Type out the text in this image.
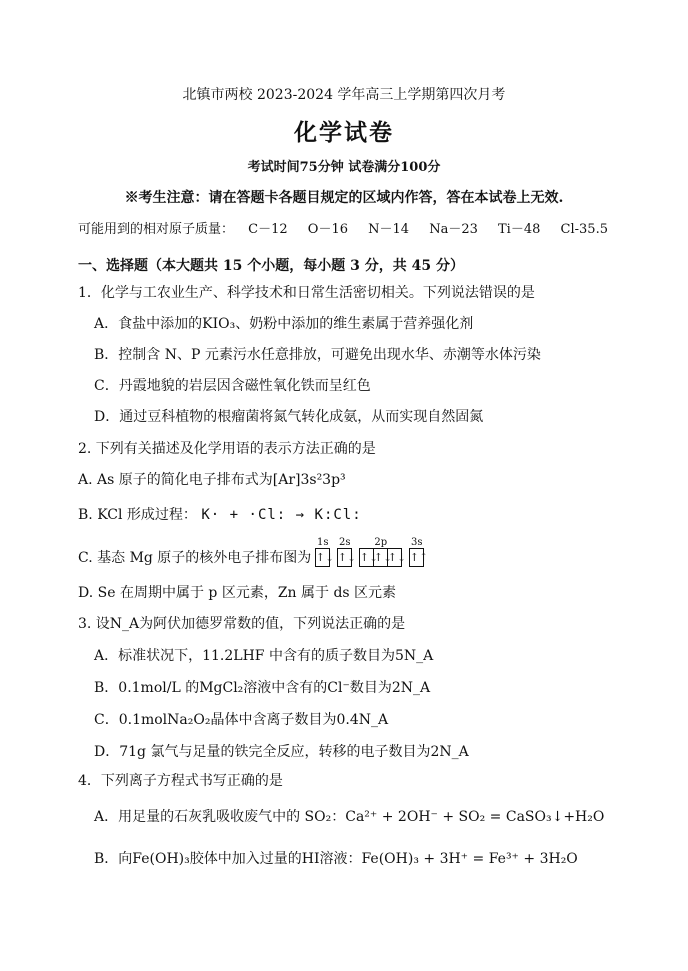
北镇市两校 2023-2024 学年高三上学期第四次月考
化学试卷
考试时间75分钟 试卷满分100分
※考生注意：请在答题卡各题目规定的区域内作答，答在本试卷上无效.
可能用到的相对原子质量： C－12 O－16 N－14 Na－23 Ti－48 Cl-35.5
一、选择题（本大题共 15 个小题，每小题 3 分，共 45 分）
1．化学与工农业生产、科学技术和日常生活密切相关。下列说法错误的是
A．食盐中添加的KIO₃、奶粉中添加的维生素属于营养强化剂
B．控制含 N、P 元素污水任意排放，可避免出现水华、赤潮等水体污染
C．丹霞地貌的岩层因含磁性氧化铁而呈红色
D．通过豆科植物的根瘤菌将氮气转化成氨，从而实现自然固氮
2. 下列有关描述及化学用语的表示方法正确的是
A. As 原子的简化电子排布式为[Ar]3s²3p³
B. KCl 形成过程： K· + ·Cl: → K:Cl:
C. 基态 Mg 原子的核外电子排布图为
1s
↑↓
2s
↑↓
2p
↑↓↑↓↑↓
3s
↑↑
D. Se 在周期中属于 p 区元素，Zn 属于 ds 区元素
3. 设N_A为阿伏加德罗常数的值，下列说法正确的是
A．标准状况下，11.2LHF 中含有的质子数目为5N_A
B．0.1mol/L 的MgCl₂溶液中含有的Cl⁻数目为2N_A
C．0.1molNa₂O₂晶体中含离子数目为0.4N_A
D．71g 氯气与足量的铁完全反应，转移的电子数目为2N_A
4．下列离子方程式书写正确的是
A．用足量的石灰乳吸收废气中的 SO₂：Ca²⁺ + 2OH⁻ + SO₂ = CaSO₃↓+H₂O
B．向Fe(OH)₃胶体中加入过量的HI溶液：Fe(OH)₃ + 3H⁺ = Fe³⁺ + 3H₂O
